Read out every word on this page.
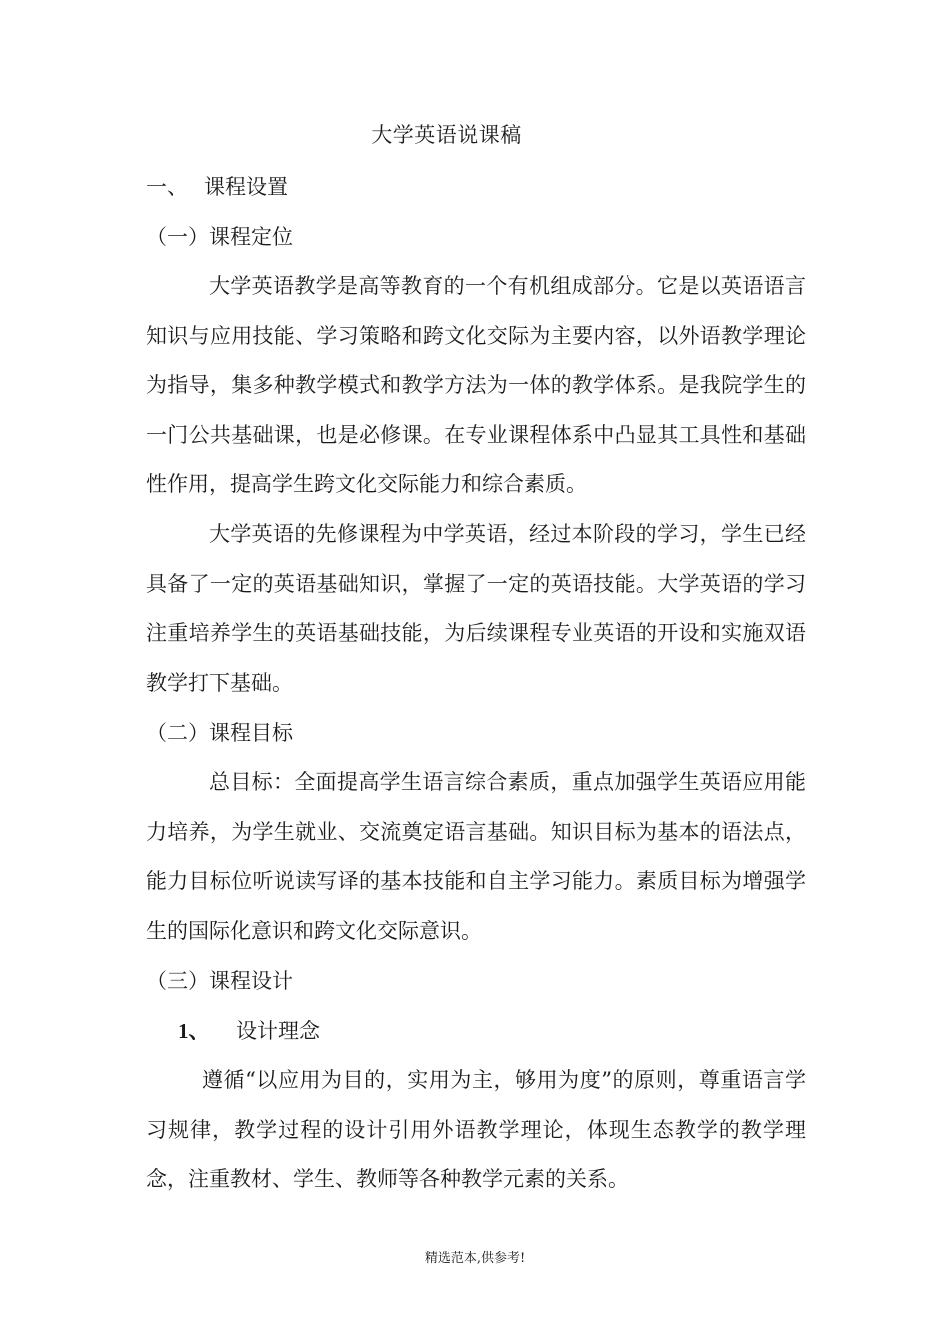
大学英语说课稿
一、 课程设置
（一）课程定位

大学英语教学是高等教育的一个有机组成部分。它是以英语语言知识与应用技能、学习策略和跨文化交际为主要内容，以外语教学理论为指导，集多种教学模式和教学方法为一体的教学体系。是我院学生的一门公共基础课，也是必修课。在专业课程体系中凸显其工具性和基础性作用，提高学生跨文化交际能力和综合素质。

大学英语的先修课程为中学英语，经过本阶段的学习，学生已经具备了一定的英语基础知识，掌握了一定的英语技能。大学英语的学习注重培养学生的英语基础技能，为后续课程专业英语的开设和实施双语教学打下基础。

（二）课程目标

总目标：全面提高学生语言综合素质，重点加强学生英语应用能力培养，为学生就业、交流奠定语言基础。知识目标为基本的语法点，能力目标位听说读写译的基本技能和自主学习能力。素质目标为增强学生的国际化意识和跨文化交际意识。

（三）课程设计
1、 设计理念

遵循“以应用为目的，实用为主，够用为度”的原则，尊重语言学习规律，教学过程的设计引用外语教学理论，体现生态教学的教学理念，注重教材、学生、教师等各种教学元素的关系。

精选范本,供参考!
